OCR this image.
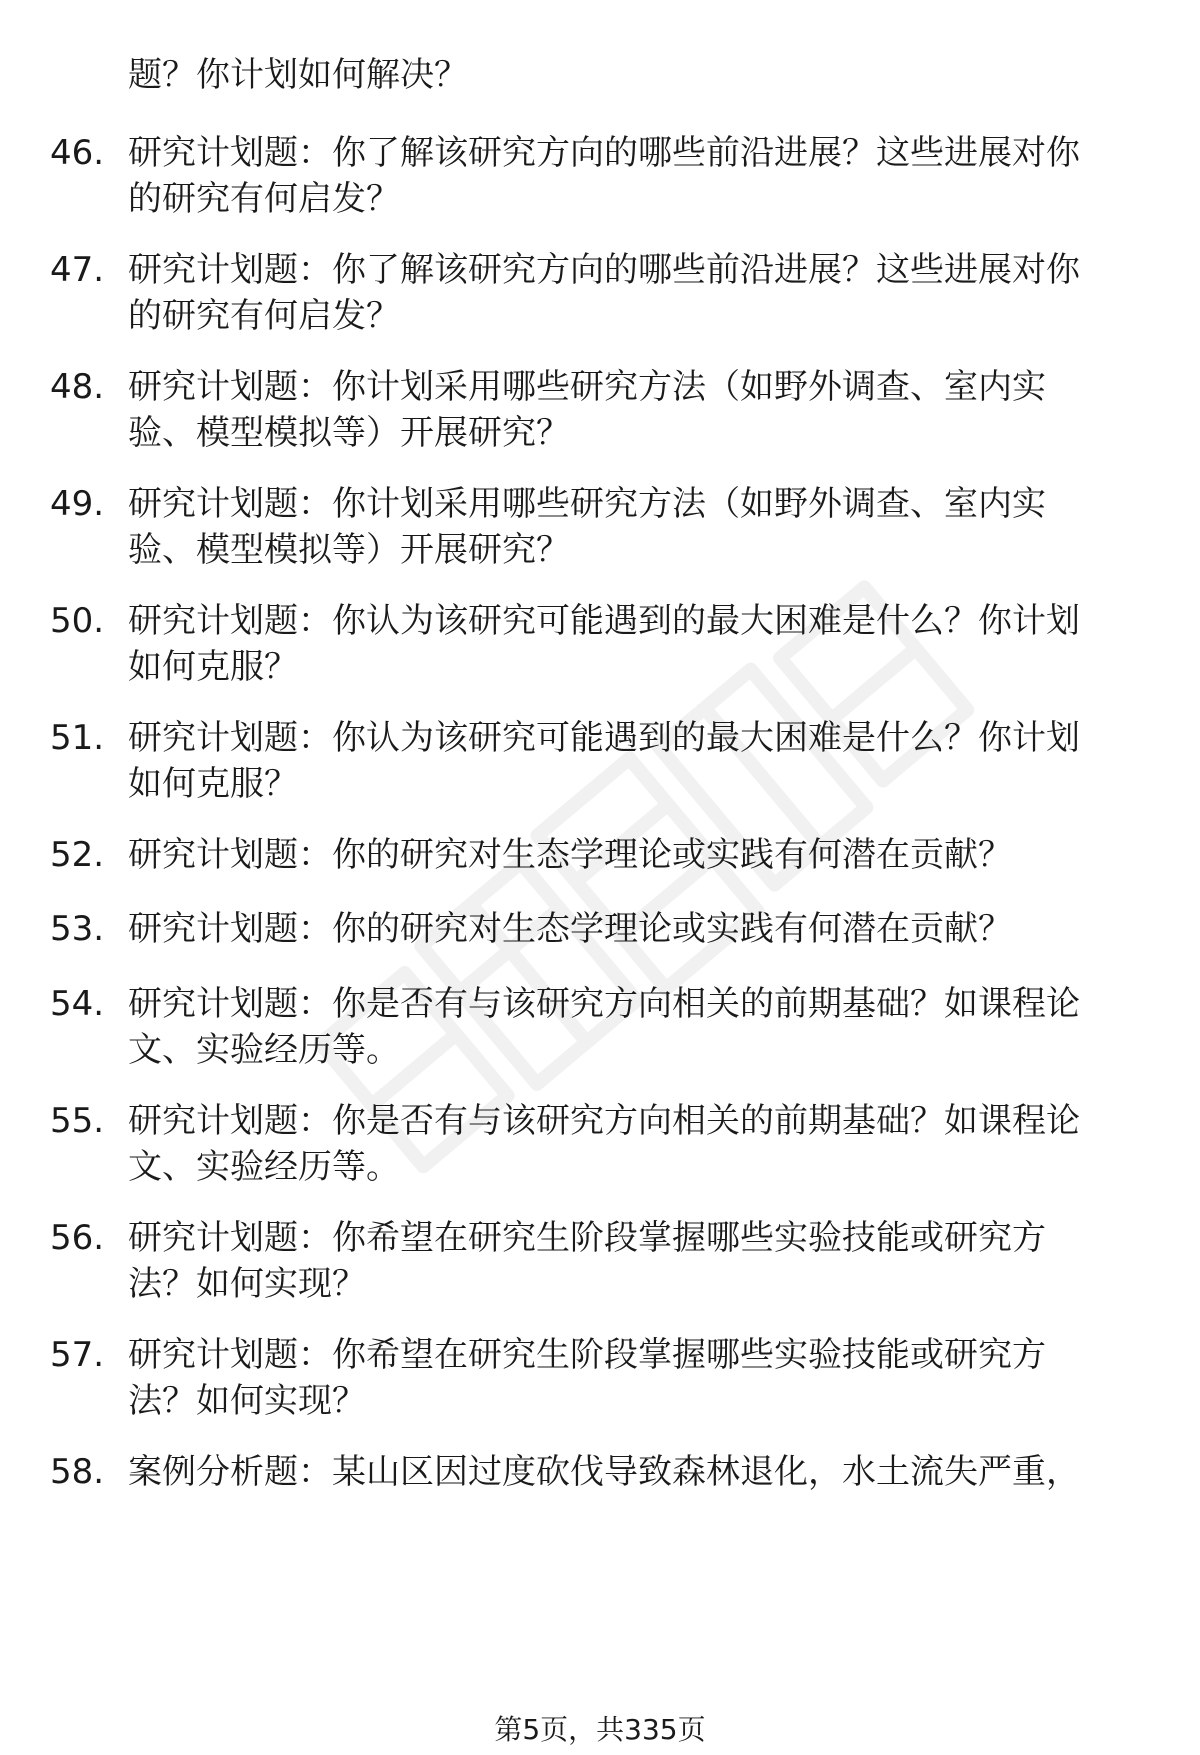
题？你计划如何解决？
46. 研究计划题：你了解该研究方向的哪些前沿进展？这些进展对你
的研究有何启发？
47. 研究计划题：你了解该研究方向的哪些前沿进展？这些进展对你
的研究有何启发？
48. 研究计划题：你计划采用哪些研究方法（如野外调查、室内实
验、模型模拟等）开展研究？
49. 研究计划题：你计划采用哪些研究方法（如野外调查、室内实
验、模型模拟等）开展研究？
50. 研究计划题：你认为该研究可能遇到的最大困难是什么？你计划
如何克服？
51. 研究计划题：你认为该研究可能遇到的最大困难是什么？你计划
如何克服？
52. 研究计划题：你的研究对生态学理论或实践有何潜在贡献？
53. 研究计划题：你的研究对生态学理论或实践有何潜在贡献？
54. 研究计划题：你是否有与该研究方向相关的前期基础？如课程论
文、实验经历等。
55. 研究计划题：你是否有与该研究方向相关的前期基础？如课程论
文、实验经历等。
56. 研究计划题：你希望在研究生阶段掌握哪些实验技能或研究方
法？如何实现？
57. 研究计划题：你希望在研究生阶段掌握哪些实验技能或研究方
法？如何实现？
58. 案例分析题：某山区因过度砍伐导致森林退化，水土流失严重，
第5页，共335页
